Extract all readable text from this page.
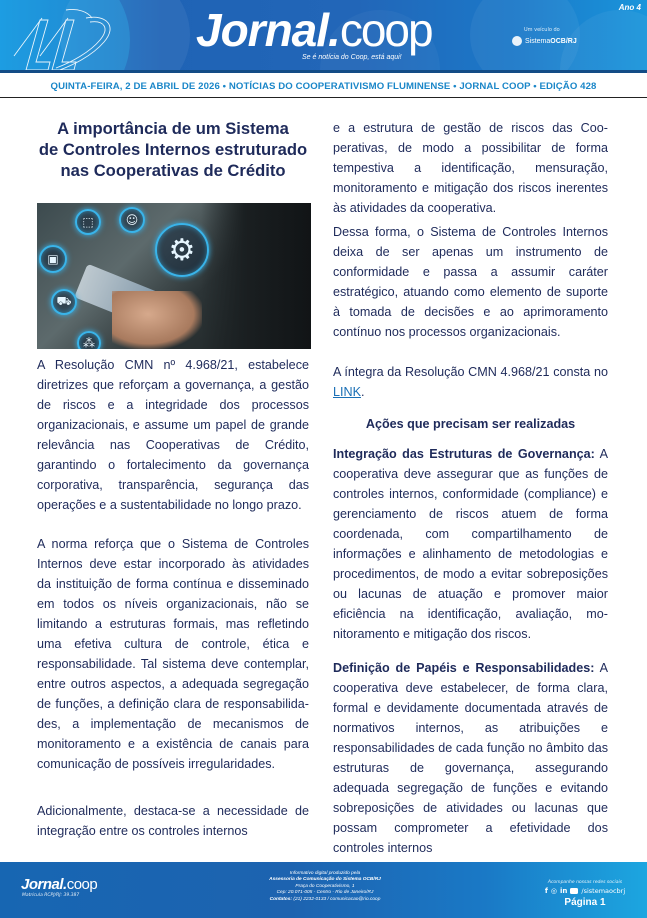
Jornal.coop
Se é notícia do Coop, está aqui!
Ano 4
Um veículo do
SistemaOCB/RJ
QUINTA-FEIRA, 2 DE ABRIL DE 2026 • NOTÍCIAS DO COOPERATIVISMO FLUMINENSE • JORNAL COOP • EDIÇÃO 428
A importância de um Sistema
de Controles Internos estruturado
nas Cooperativas de Crédito
⬚	☺
⚙
▣
⛟
⁂

A Resolução CMN nº 4.968/21, estabelece diretrizes que reforçam a governança, a gestão de riscos e a integridade dos processos organizacionais, e assume um papel de grande relevância nas Cooperativas de Crédito, garantindo o fortalecimento da governança corporativa, transparência, segurança das operações e a sustentabilidade no longo prazo.

A norma reforça que o Sistema de Controles Internos deve estar incorporado às atividades da instituição de forma contínua e disseminado em todos os níveis organizacionais, não se limitando a estruturas formais, mas refletindo uma efetiva cultura de controle, ética e responsabilidade. Tal sistema deve contemplar, entre outros aspectos, a adequada segregação de funções, a definição clara de responsabilidades, a implementação de mecanismos de monitoramento e a existência de canais para comunicação de possíveis irregularidades.

Adicionalmente, destaca-se a necessidade de integração entre os controles internos

e a estrutura de gestão de riscos das Cooperativas, de modo a possibilitar de forma tempestiva a identificação, mensuração, monitoramento e mitigação dos riscos inerentes às atividades da cooperativa.

Dessa forma, o Sistema de Controles Internos deixa de ser apenas um instrumento de conformidade e passa a assumir caráter estratégico, atuando como elemento de suporte à tomada de decisões e ao aprimoramento contínuo nos processos organizacionais.

A íntegra da Resolução CMN 4.968/21 consta no LINK.

Ações que precisam ser realizadas

Integração das Estruturas de Governança: A cooperativa deve assegurar que as funções de controles internos, conformidade (compliance) e gerenciamento de riscos atuem de forma coordenada, com compartilhamento de informações e alinhamento de metodologias e procedimentos, de modo a evitar sobreposições ou lacunas de atuação e promover maior eficiência na identificação, avaliação, monitoramento e mitigação dos riscos.

Definição de Papéis e Responsabilidades: A cooperativa deve estabelecer, de forma clara, formal e devidamente documentada através de normativos internos, as atribuições e responsabilidades de cada função no âmbito das estruturas de governança, assegurando adequada segregação de funções e evitando sobreposições de atividades ou lacunas que possam comprometer a efetividade dos controles internos

Jornal.coop
Matrícula RCPJ/RJ: 39.387
Informativo digital produzido pela
Assessoria de Comunicação do Sistema OCB/RJ
Praça do Cooperativismo, 1
Cep: 20.071-005 - Centro - Rio de Janeiro/RJ
Contatos: (21) 2232-0133 / comunicacao@rio.coop
Acompanhe nossas redes sociais
f ◎ in /sistemaocbrj
Página 1
